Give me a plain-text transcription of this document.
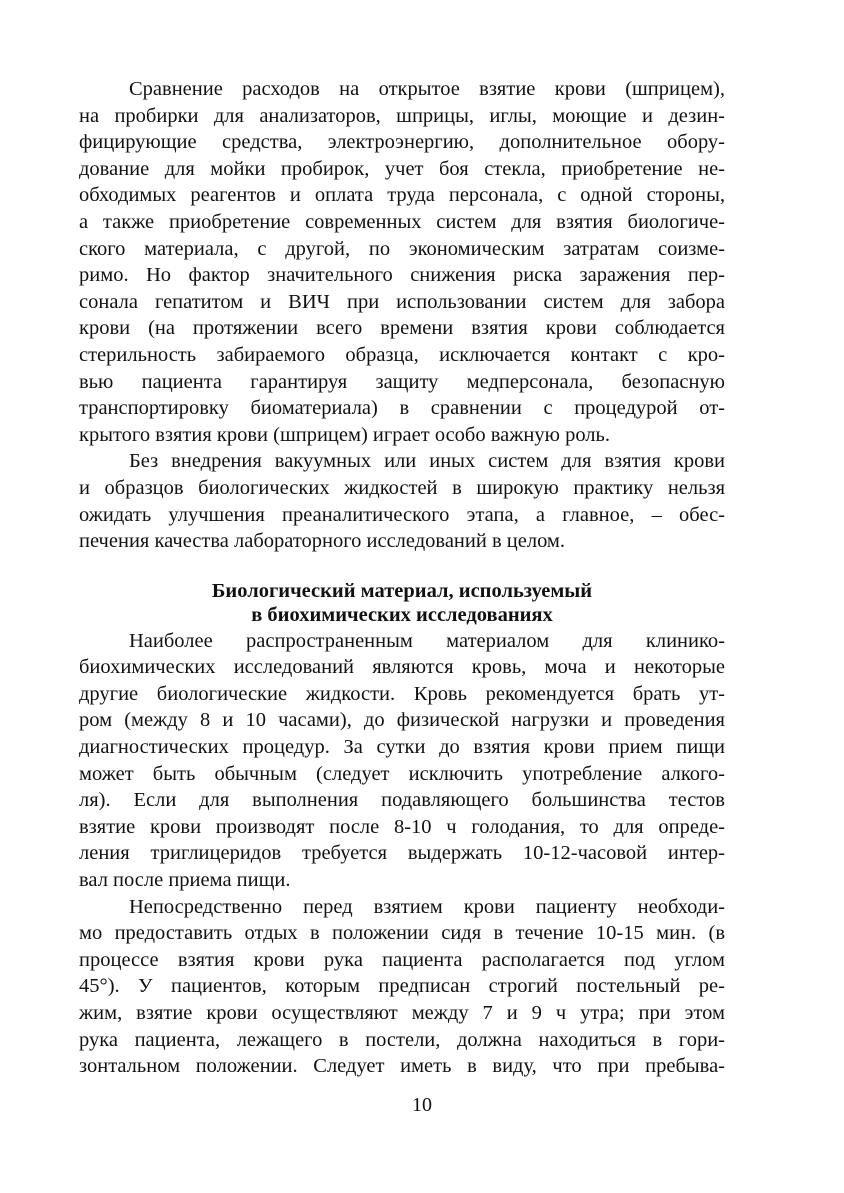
Сравнение расходов на открытое взятие крови (шприцем),
на пробирки для анализаторов, шприцы, иглы, моющие и дезин-
фицирующие средства, электроэнергию, дополнительное обору-
дование для мойки пробирок, учет боя стекла, приобретение не-
обходимых реагентов и оплата труда персонала, с одной стороны,
а также приобретение современных систем для взятия биологиче-
ского материала, с другой, по экономическим затратам соизме-
римо. Но фактор значительного снижения риска заражения пер-
сонала гепатитом и ВИЧ при использовании систем для забора
крови (на протяжении всего времени взятия крови соблюдается
стерильность забираемого образца, исключается контакт с кро-
вью пациента гарантируя защиту медперсонала, безопасную
транспортировку биоматериала) в сравнении с процедурой от-
крытого взятия крови (шприцем) играет особо важную роль.
Без внедрения вакуумных или иных систем для взятия крови
и образцов биологических жидкостей в широкую практику нельзя
ожидать улучшения преаналитического этапа, а главное, – обес-
печения качества лабораторного исследований в целом.
Биологический материал, используемый
в биохимических исследованиях
Наиболее распространенным материалом для клинико-
биохимических исследований являются кровь, моча и некоторые
другие биологические жидкости. Кровь рекомендуется брать ут-
ром (между 8 и 10 часами), до физической нагрузки и проведения
диагностических процедур. За сутки до взятия крови прием пищи
может быть обычным (следует исключить употребление алкого-
ля). Если для выполнения подавляющего большинства тестов
взятие крови производят после 8-10 ч голодания, то для опреде-
ления триглицеридов требуется выдержать 10-12-часовой интер-
вал после приема пищи.
Непосредственно перед взятием крови пациенту необходи-
мо предоставить отдых в положении сидя в течение 10-15 мин. (в
процессе взятия крови рука пациента располагается под углом
45°). У пациентов, которым предписан строгий постельный ре-
жим, взятие крови осуществляют между 7 и 9 ч утра; при этом
рука пациента, лежащего в постели, должна находиться в гори-
зонтальном положении. Следует иметь в виду, что при пребыва-
10
